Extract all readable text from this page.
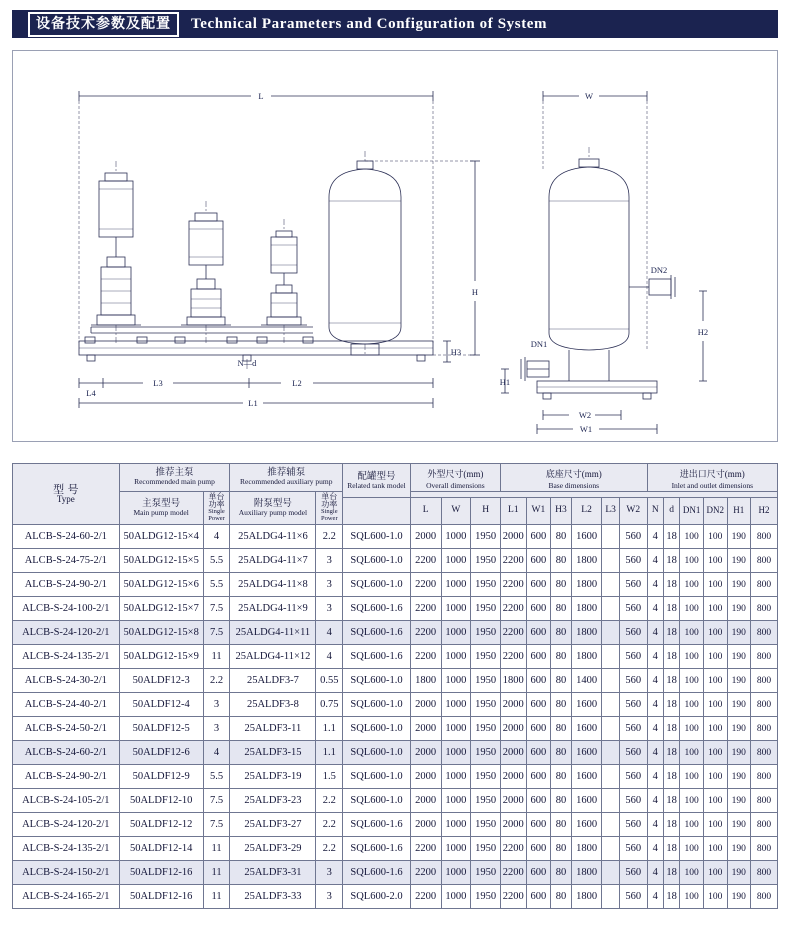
设备技术参数及配置	Technical Parameters and Configuration of System
L
L1
L2
L3
L4
H
H3
N—d
W
W2
W1
H2
H1
DN1
DN2
型 号
Type	推荐主泵
Recommended main pump		推荐辅泵
Recommended auxiliary pump		配罐型号
Related tank model	外型尺寸(mm)
Overall dimensions			底座尺寸(mm)
Base dimensions						进出口尺寸(mm)
Inlet and outlet dimensions					

	主泵型号
Main pump model	单台功率
Single Power	附泵型号
Auxiliary pump model	单台功率
Single Power																

						L	W	H	L1	W1	H3	L2	L3	W2	N	d	DN1	DN2	H1	H2
ALCB-S-24-60-2/1	50ALDG12-15×4	4	25ALDG4-11×6	2.2	SQL600-1.0	2000	1000	1950	2000	600	80	1600		560	4	18	100	100	190	800
ALCB-S-24-75-2/1	50ALDG12-15×5	5.5	25ALDG4-11×7	3	SQL600-1.0	2200	1000	1950	2200	600	80	1800		560	4	18	100	100	190	800
ALCB-S-24-90-2/1	50ALDG12-15×6	5.5	25ALDG4-11×8	3	SQL600-1.0	2200	1000	1950	2200	600	80	1800		560	4	18	100	100	190	800
ALCB-S-24-100-2/1	50ALDG12-15×7	7.5	25ALDG4-11×9	3	SQL600-1.6	2200	1000	1950	2200	600	80	1800		560	4	18	100	100	190	800
ALCB-S-24-120-2/1	50ALDG12-15×8	7.5	25ALDG4-11×11	4	SQL600-1.6	2200	1000	1950	2200	600	80	1800		560	4	18	100	100	190	800
ALCB-S-24-135-2/1	50ALDG12-15×9	11	25ALDG4-11×12	4	SQL600-1.6	2200	1000	1950	2200	600	80	1800		560	4	18	100	100	190	800
ALCB-S-24-30-2/1	50ALDF12-3	2.2	25ALDF3-7	0.55	SQL600-1.0	1800	1000	1950	1800	600	80	1400		560	4	18	100	100	190	800
ALCB-S-24-40-2/1	50ALDF12-4	3	25ALDF3-8	0.75	SQL600-1.0	2000	1000	1950	2000	600	80	1600		560	4	18	100	100	190	800
ALCB-S-24-50-2/1	50ALDF12-5	3	25ALDF3-11	1.1	SQL600-1.0	2000	1000	1950	2000	600	80	1600		560	4	18	100	100	190	800
ALCB-S-24-60-2/1	50ALDF12-6	4	25ALDF3-15	1.1	SQL600-1.0	2000	1000	1950	2000	600	80	1600		560	4	18	100	100	190	800
ALCB-S-24-90-2/1	50ALDF12-9	5.5	25ALDF3-19	1.5	SQL600-1.0	2000	1000	1950	2000	600	80	1600		560	4	18	100	100	190	800
ALCB-S-24-105-2/1	50ALDF12-10	7.5	25ALDF3-23	2.2	SQL600-1.0	2000	1000	1950	2000	600	80	1600		560	4	18	100	100	190	800
ALCB-S-24-120-2/1	50ALDF12-12	7.5	25ALDF3-27	2.2	SQL600-1.6	2000	1000	1950	2000	600	80	1600		560	4	18	100	100	190	800
ALCB-S-24-135-2/1	50ALDF12-14	11	25ALDF3-29	2.2	SQL600-1.6	2200	1000	1950	2200	600	80	1800		560	4	18	100	100	190	800
ALCB-S-24-150-2/1	50ALDF12-16	11	25ALDF3-31	3	SQL600-1.6	2200	1000	1950	2200	600	80	1800		560	4	18	100	100	190	800
ALCB-S-24-165-2/1	50ALDF12-16	11	25ALDF3-33	3	SQL600-2.0	2200	1000	1950	2200	600	80	1800		560	4	18	100	100	190	800
